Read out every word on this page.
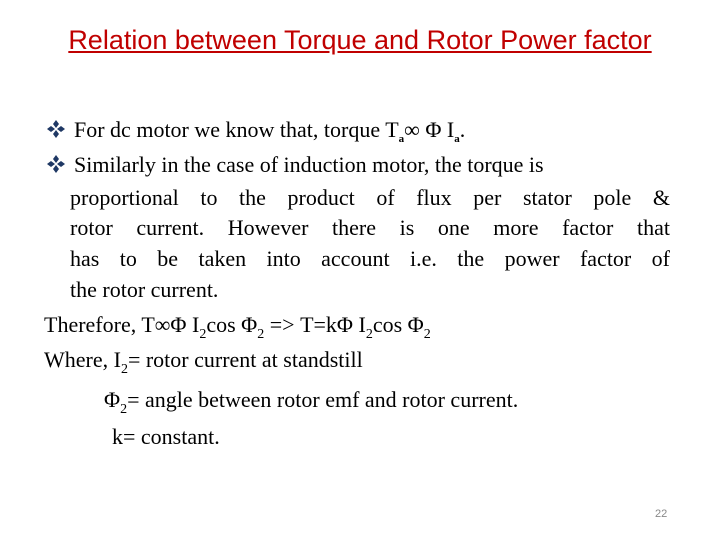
Relation between Torque and Rotor Power factor
For dc motor we know that, torque $T_a\infty$ Φ $I_a$.
Similarly in the case of induction motor, the torque is
proportional to the product of flux per stator pole &
rotor current. However there is one more factor that
has to be taken into account i.e. the power factor of
the rotor current.
Therefore, T∞Φ $I_2\cos$ $\Phi_2 => T=k\Phi$ $I_2\cos$ $\Phi_2$
Where, $I_2=$ rotor current at standstill
$\Phi_2=$ angle between rotor emf and rotor current.
k= constant.
22
